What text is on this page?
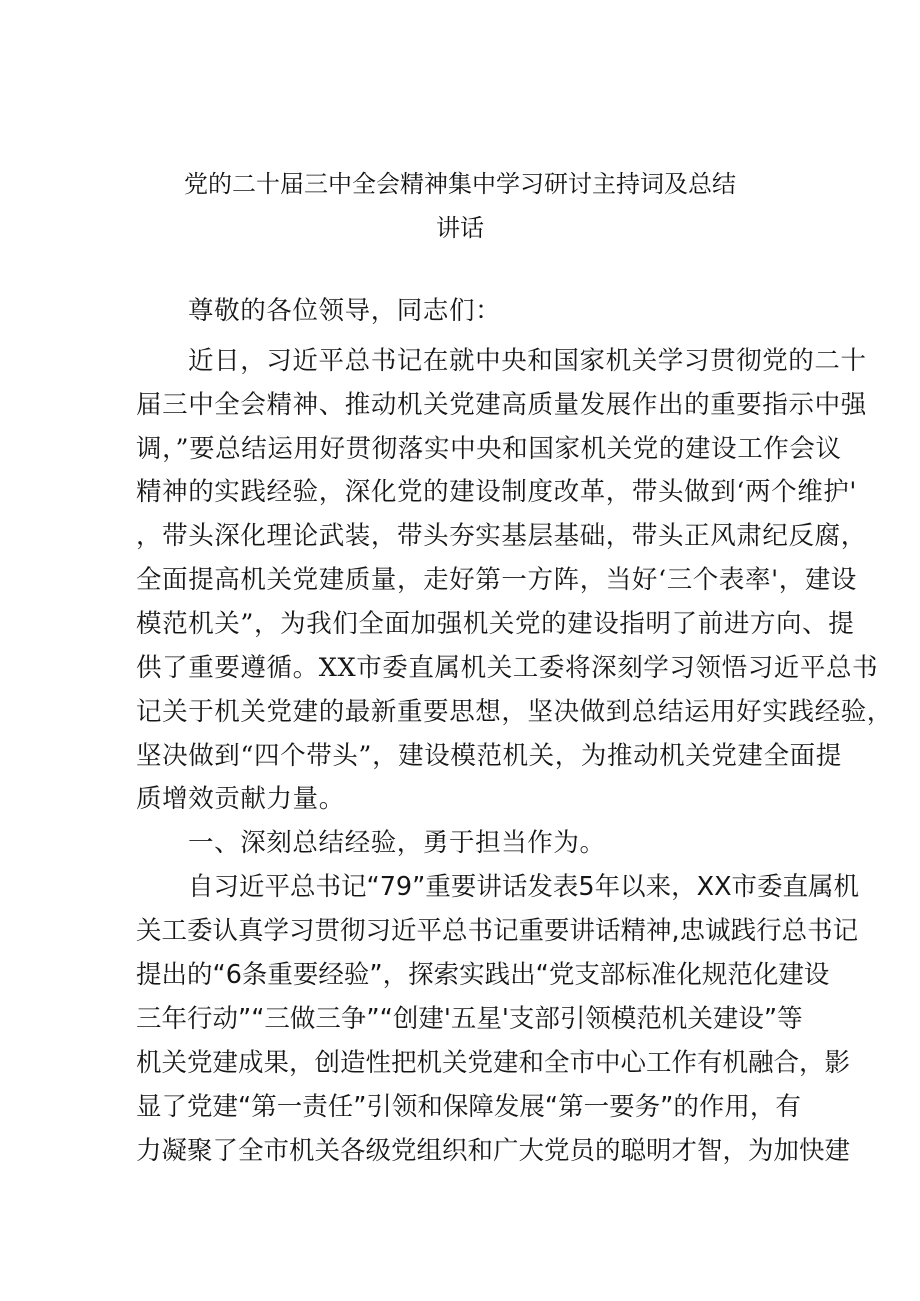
党的二十届三中全会精神集中学习研讨主持词及总结
讲话
尊敬的各位领导，同志们：
近日，习近平总书记在就中央和国家机关学习贯彻党的二十
届三中全会精神、推动机关党建高质量发展作出的重要指示中强
调，”要总结运用好贯彻落实中央和国家机关党的建设工作会议
精神的实践经验，深化党的建设制度改革，带头做到‘两个维护'
，带头深化理论武装，带头夯实基层基础，带头正风肃纪反腐，
全面提高机关党建质量，走好第一方阵，当好‘三个表率'，建设
模范机关”，为我们全面加强机关党的建设指明了前进方向、提
供了重要遵循。XX市委直属机关工委将深刻学习领悟习近平总书
记关于机关党建的最新重要思想，坚决做到总结运用好实践经验，
坚决做到“四个带头”，建设模范机关，为推动机关党建全面提
质增效贡献力量。
一、深刻总结经验，勇于担当作为。
自习近平总书记“79”重要讲话发表5年以来，XX市委直属机
关工委认真学习贯彻习近平总书记重要讲话精神,忠诚践行总书记
提出的“6条重要经验”，探索实践出“党支部标准化规范化建设
三年行动”“三做三争”“创建'五星'支部引领模范机关建设”等
机关党建成果，创造性把机关党建和全市中心工作有机融合，影
显了党建“第一责任”引领和保障发展“第一要务”的作用，有
力凝聚了全市机关各级党组织和广大党员的聪明才智，为加快建
